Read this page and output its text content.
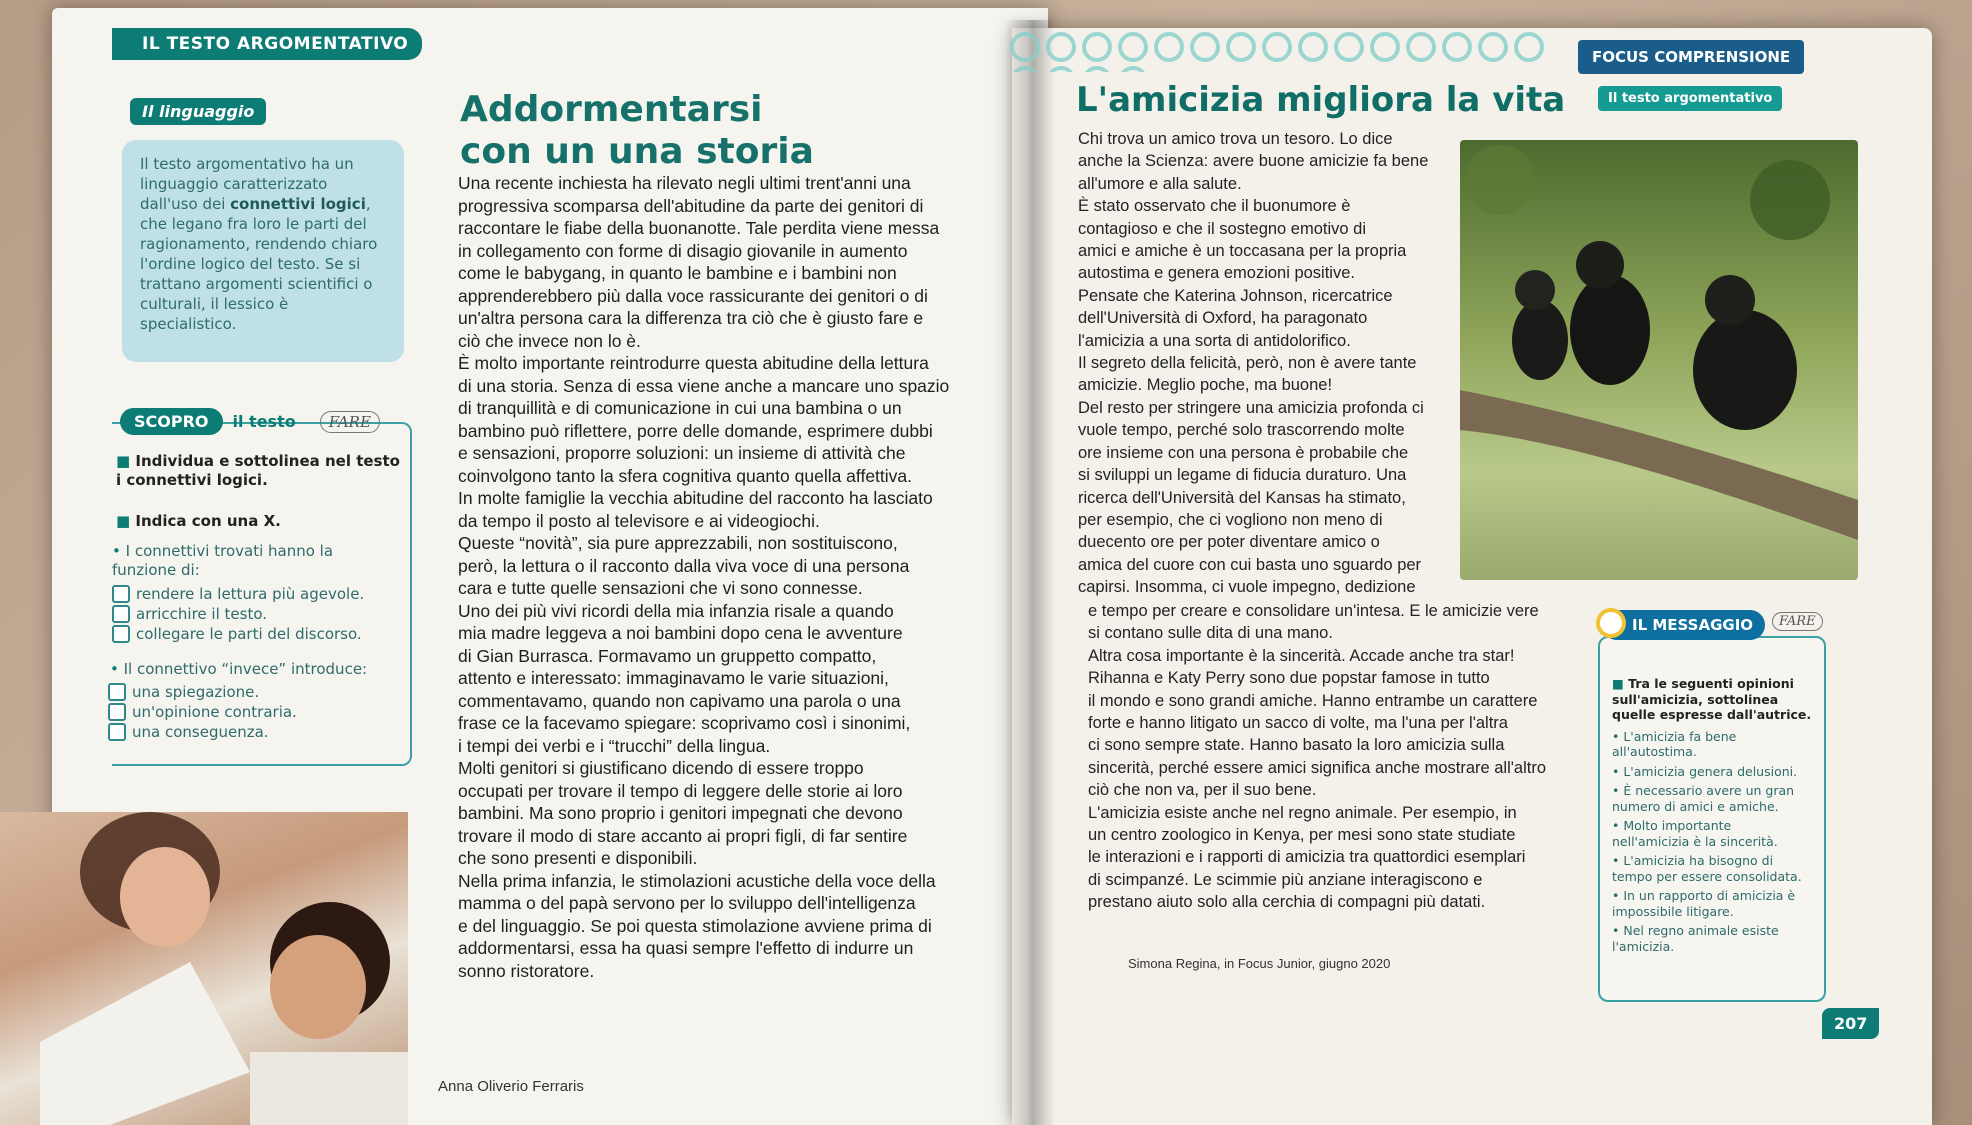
IL TESTO ARGOMENTATIVO
Il linguaggio
Il testo argomentativo ha un linguaggio caratterizzato dall'uso dei connettivi logici, che legano fra loro le parti del ragionamento, rendendo chiaro l'ordine logico del testo. Se si trattano argomenti scientifici o culturali, il lessico è specialistico.
Addormentarsi
con un una storia
Una recente inchiesta ha rilevato negli ultimi trent'anni una
progressiva scomparsa dell'abitudine da parte dei genitori di
raccontare le fiabe della buonanotte. Tale perdita viene messa
in collegamento con forme di disagio giovanile in aumento
come le babygang, in quanto le bambine e i bambini non
apprenderebbero più dalla voce rassicurante dei genitori o di
un'altra persona cara la differenza tra ciò che è giusto fare e
ciò che invece non lo è.
È molto importante reintrodurre questa abitudine della lettura
di una storia. Senza di essa viene anche a mancare uno spazio
di tranquillità e di comunicazione in cui una bambina o un
bambino può riflettere, porre delle domande, esprimere dubbi
e sensazioni, proporre soluzioni: un insieme di attività che
coinvolgono tanto la sfera cognitiva quanto quella affettiva.
In molte famiglie la vecchia abitudine del racconto ha lasciato
da tempo il posto al televisore e ai videogiochi.
Queste “novità”, sia pure apprezzabili, non sostituiscono,
però, la lettura o il racconto dalla viva voce di una persona
cara e tutte quelle sensazioni che vi sono connesse.
Uno dei più vivi ricordi della mia infanzia risale a quando
mia madre leggeva a noi bambini dopo cena le avventure
di Gian Burrasca. Formavamo un gruppetto compatto,
attento e interessato: immaginavamo le varie situazioni,
commentavamo, quando non capivamo una parola o una
frase ce la facevamo spiegare: scoprivamo così i sinonimi,
i tempi dei verbi e i “trucchi” della lingua.
Molti genitori si giustificano dicendo di essere troppo
occupati per trovare il tempo di leggere delle storie ai loro
bambini. Ma sono proprio i genitori impegnati che devono
trovare il modo di stare accanto ai propri figli, di far sentire
che sono presenti e disponibili.
Nella prima infanzia, le stimolazioni acustiche della voce della
mamma o del papà servono per lo sviluppo dell'intelligenza
e del linguaggio. Se poi questa stimolazione avviene prima di
addormentarsi, essa ha quasi sempre l'effetto di indurre un
sonno ristoratore.
Anna Oliverio Ferraris
SCOPRO	il testo	FARE
■ Individua e sottolinea nel testo i connettivi logici.
■ Indica con una X.
• I connettivi trovati hanno la funzione di:
rendere la lettura più agevole.
arricchire il testo.
collegare le parti del discorso.
• Il connettivo “invece” introduce:
una spiegazione.
un'opinione contraria.
una conseguenza.
FOCUS COMPRENSIONE
Il testo argomentativo
L'amicizia migliora la vita
Chi trova un amico trova un tesoro. Lo dice
anche la Scienza: avere buone amicizie fa bene
all'umore e alla salute.
È stato osservato che il buonumore è
contagioso e che il sostegno emotivo di
amici e amiche è un toccasana per la propria
autostima e genera emozioni positive.
Pensate che Katerina Johnson, ricercatrice
dell'Università di Oxford, ha paragonato
l'amicizia a una sorta di antidolorifico.
Il segreto della felicità, però, non è avere tante
amicizie. Meglio poche, ma buone!
Del resto per stringere una amicizia profonda ci
vuole tempo, perché solo trascorrendo molte
ore insieme con una persona è probabile che
si sviluppi un legame di fiducia duraturo. Una
ricerca dell'Università del Kansas ha stimato,
per esempio, che ci vogliono non meno di
duecento ore per poter diventare amico o
amica del cuore con cui basta uno sguardo per
capirsi. Insomma, ci vuole impegno, dedizione
e tempo per creare e consolidare un'intesa. E le amicizie vere
si contano sulle dita di una mano.
Altra cosa importante è la sincerità. Accade anche tra star!
Rihanna e Katy Perry sono due popstar famose in tutto
il mondo e sono grandi amiche. Hanno entrambe un carattere
forte e hanno litigato un sacco di volte, ma l'una per l'altra
ci sono sempre state. Hanno basato la loro amicizia sulla
sincerità, perché essere amici significa anche mostrare all'altro
ciò che non va, per il suo bene.
L'amicizia esiste anche nel regno animale. Per esempio, in
un centro zoologico in Kenya, per mesi sono state studiate
le interazioni e i rapporti di amicizia tra quattordici esemplari
di scimpanzé. Le scimmie più anziane interagiscono e
prestano aiuto solo alla cerchia di compagni più datati.
Simona Regina, in Focus Junior, giugno 2020
■ Tra le seguenti opinioni sull'amicizia, sottolinea quelle espresse dall'autrice.
• L'amicizia fa bene all'autostima.
• L'amicizia genera delusioni.
• È necessario avere un gran numero di amici e amiche.
• Molto importante nell'amicizia è la sincerità.
• L'amicizia ha bisogno di tempo per essere consolidata.
• In un rapporto di amicizia è impossibile litigare.
• Nel regno animale esiste l'amicizia.
IL MESSAGGIO	FARE
207
